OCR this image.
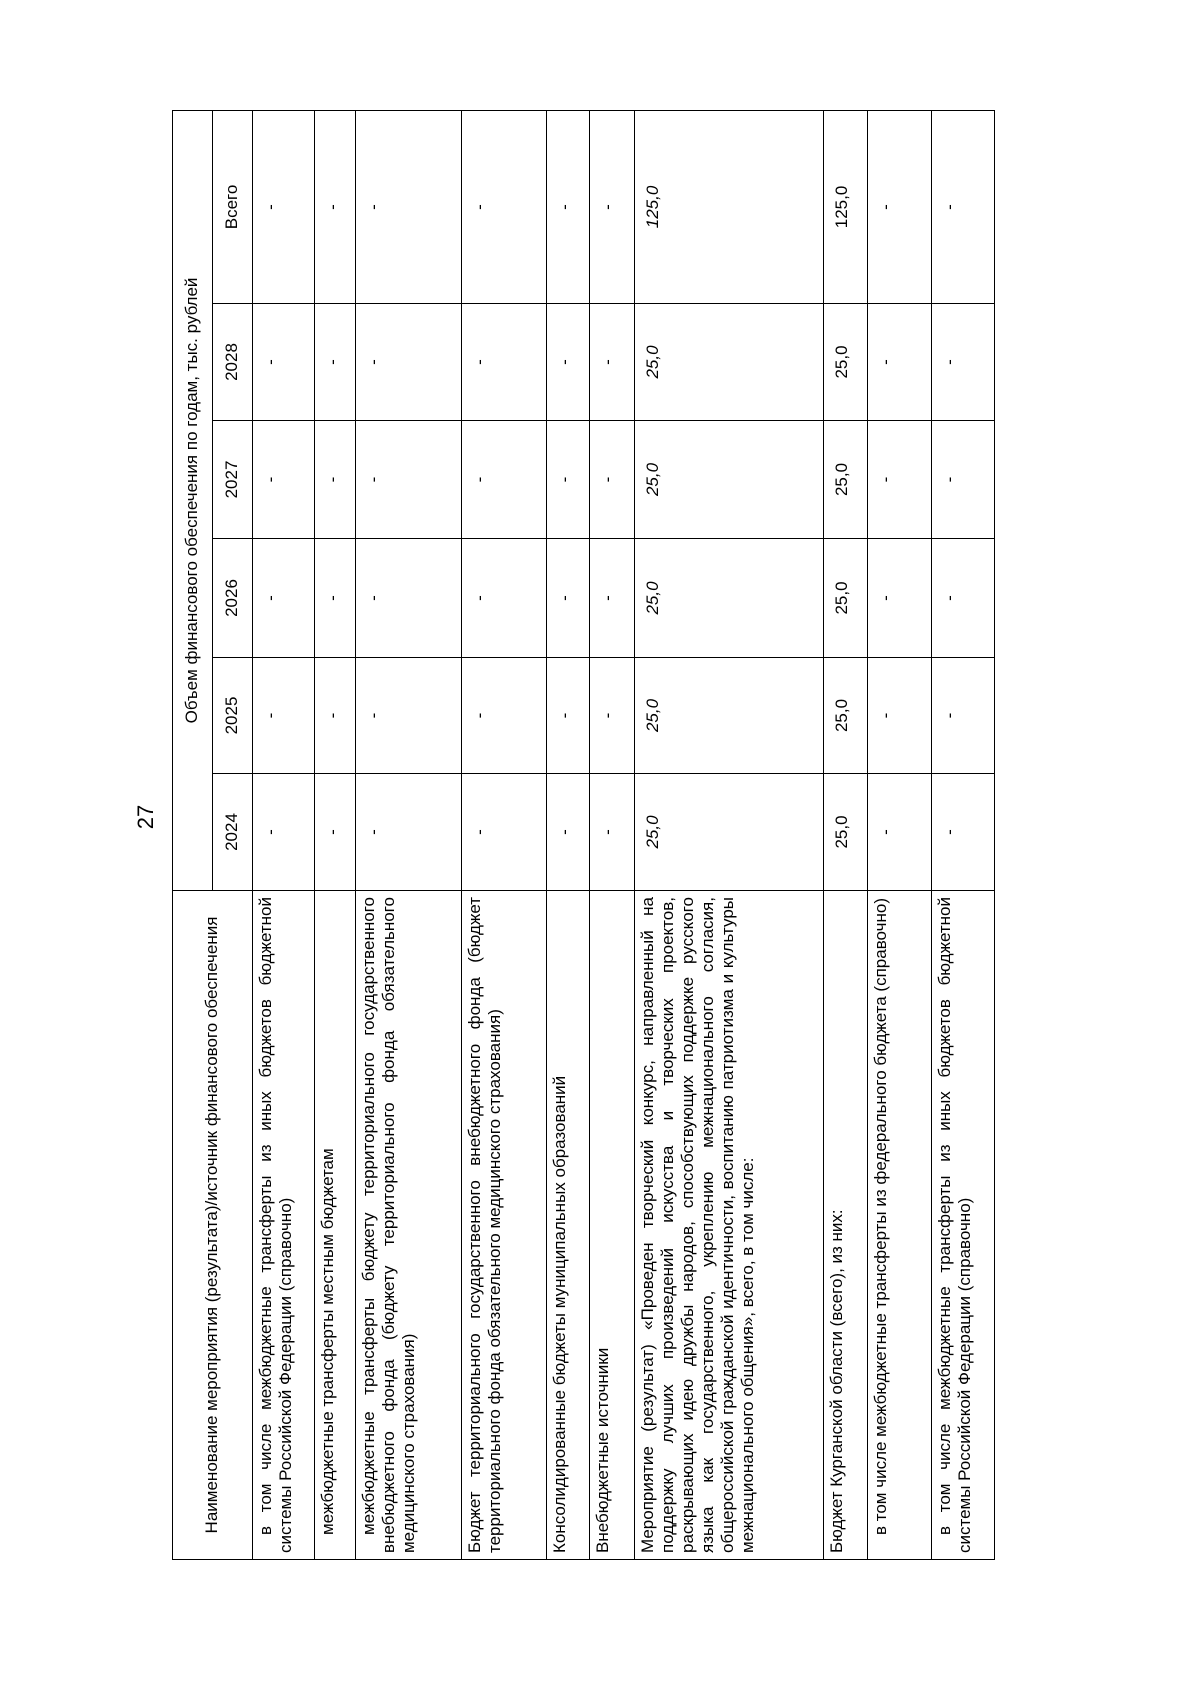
27
Наименование мероприятия (результата)/источник финансового обеспечения	Объем финансового обеспечения по годам, тыс. рублей					
	2024	2025	2026	2027	2028	Всего
в том числе межбюджетные трансферты из иных бюджетов бюджетной системы Российской Федерации (справочно)	-	-	-	-	-	-
межбюджетные трансферты местным бюджетам	-	-	-	-	-	-
межбюджетные трансферты бюджету территориального государственного внебюджетного фонда (бюджету территориального фонда обязательного медицинского страхования)	-	-	-	-	-	-
Бюджет территориального государственного внебюджетного фонда (бюджет территориального фонда обязательного медицинского страхования)	-	-	-	-	-	-
Консолидированные бюджеты муниципальных образований	-	-	-	-	-	-
Внебюджетные источники	-	-	-	-	-	-
Мероприятие (результат) «Проведен творческий конкурс, направленный на поддержку лучших произведений искусства и творческих проектов, раскрывающих идею дружбы народов, способствующих поддержке русского языка как государственного, укреплению межнационального согласия, общероссийской гражданской идентичности, воспитанию патриотизма и культуры межнационального общения», всего, в том числе:	25,0	25,0	25,0	25,0	25,0	125,0
Бюджет Курганской области (всего), из них:	25,0	25,0	25,0	25,0	25,0	125,0
в том числе межбюджетные трансферты из федерального бюджета (справочно)	-	-	-	-	-	-
в том числе межбюджетные трансферты из иных бюджетов бюджетной системы Российской Федерации (справочно)	-	-	-	-	-	-
